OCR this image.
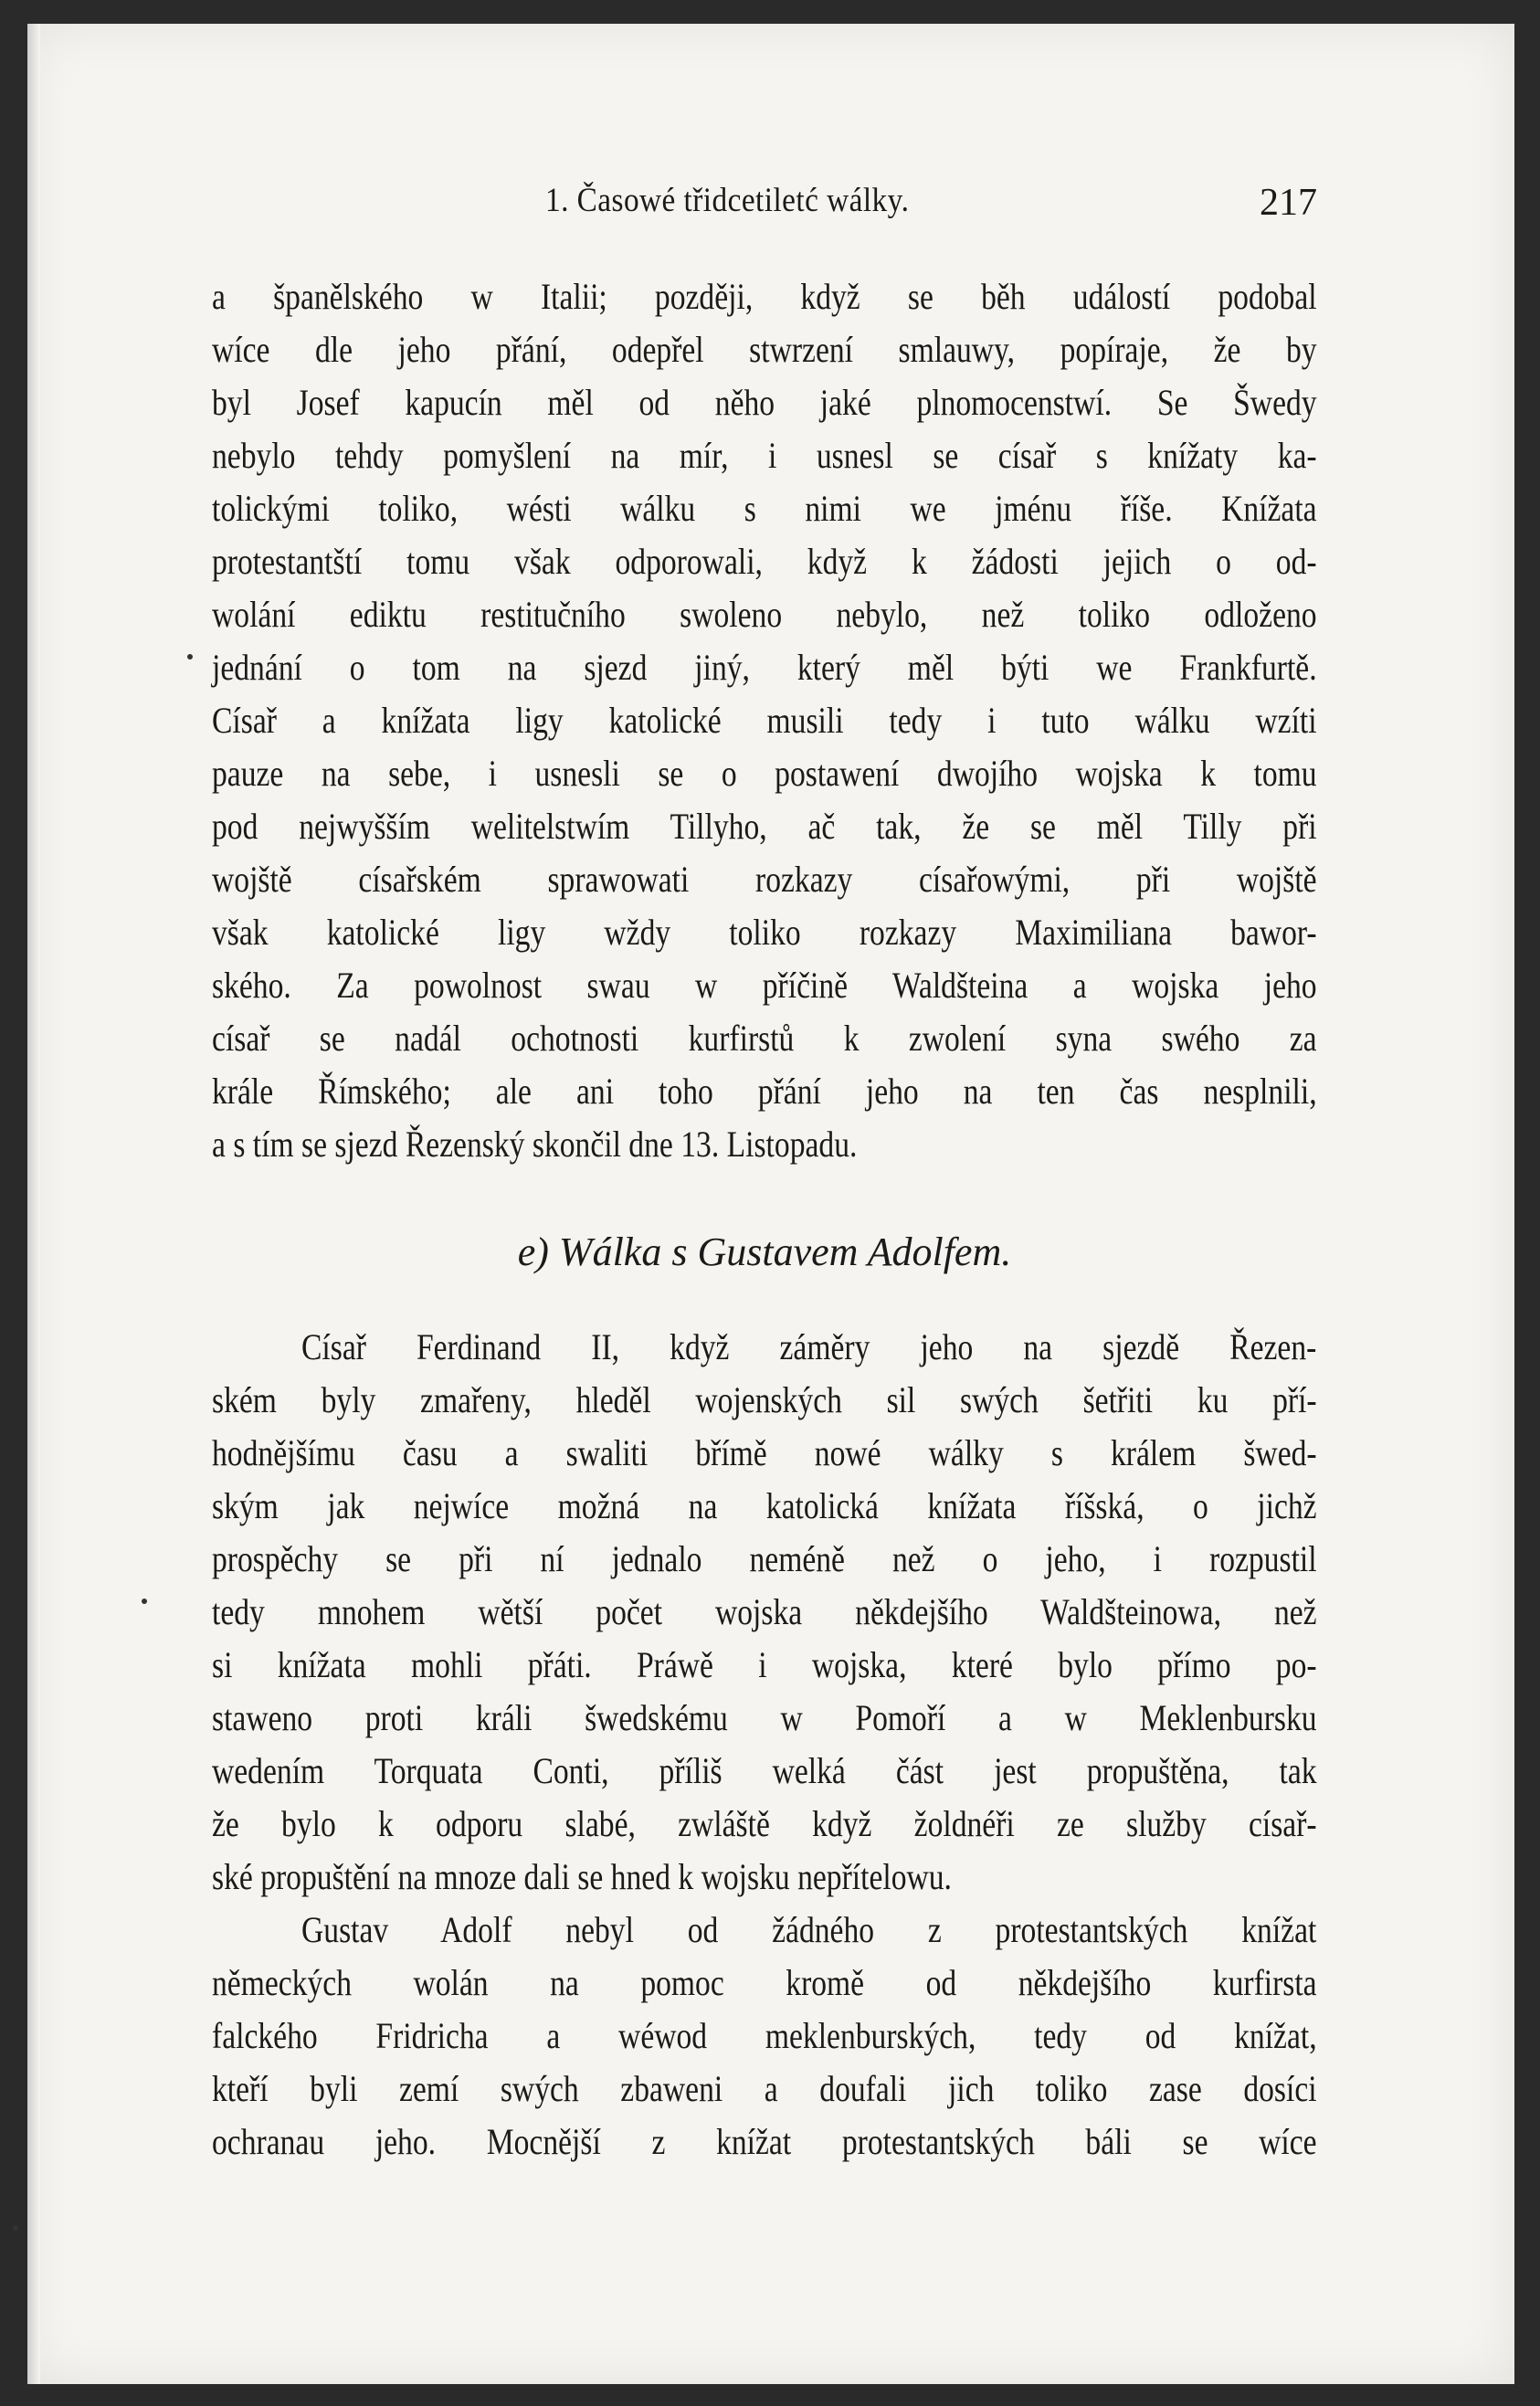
1. Časowé třidcetiletć wálky.	217
a španělského w Italii; později, když se běh událostí podobal
wíce dle jeho přání, odepřel stwrzení smlauwy, popíraje, že by
byl Josef kapucín měl od něho jaké plnomocenstwí. Se Šwedy
nebylo tehdy pomyšlení na mír, i usnesl se císař s knížaty ka-
tolickými toliko, wésti wálku s nimi we jménu říše. Knížata
protestantští tomu však odporowali, když k žádosti jejich o od-
wolání ediktu restitučního swoleno nebylo, než toliko odloženo
jednání o tom na sjezd jiný, který měl býti we Frankfurtě.
Císař a knížata ligy katolické musili tedy i tuto wálku wzíti
pauze na sebe, i usnesli se o postawení dwojího wojska k tomu
pod nejwyšším welitelstwím Tillyho, ač tak, že se měl Tilly při
wojště císařském sprawowati rozkazy císařowými, při wojště
však katolické ligy wždy toliko rozkazy Maximiliana bawor-
ského. Za powolnost swau w příčině Waldšteina a wojska jeho
císař se nadál ochotnosti kurfirstů k zwolení syna swého za
krále Římského; ale ani toho přání jeho na ten čas nesplnili,
a s tím se sjezd Řezenský skončil dne 13. Listopadu.
e) Wálka s Gustavem Adolfem.
Císař Ferdinand II, když záměry jeho na sjezdě Řezen-
ském byly zmařeny, hleděl wojenských sil swých šetřiti ku pří-
hodnějšímu času a swaliti břímě nowé wálky s králem šwed-
ským jak nejwíce možná na katolická knížata říšská, o jichž
prospěchy se při ní jednalo neméně než o jeho, i rozpustil
tedy mnohem wětší počet wojska někdejšího Waldšteinowa, než
si knížata mohli přáti. Práwě i wojska, které bylo přímo po-
stawеno proti králi šwedskému w Pomoří a w Meklenbursku
wedením Torquata Conti, příliš welká část jest propuštěna, tak
že bylo k odporu slabé, zwláště když žoldnéři ze služby císař-
ské propuštění na mnoze dali se hned k wojsku nepřítelowu.
Gustav Adolf nebyl od žádného z protestantských knížat
německých wolán na pomoc kromě od někdejšího kurfirsta
falckého Fridricha a wéwod meklenburských, tedy od knížat,
kteří byli zemí swých zbaweni a doufali jich toliko zase dosíci
ochranau jeho. Mocnější z knížat protestantských báli se wíce
